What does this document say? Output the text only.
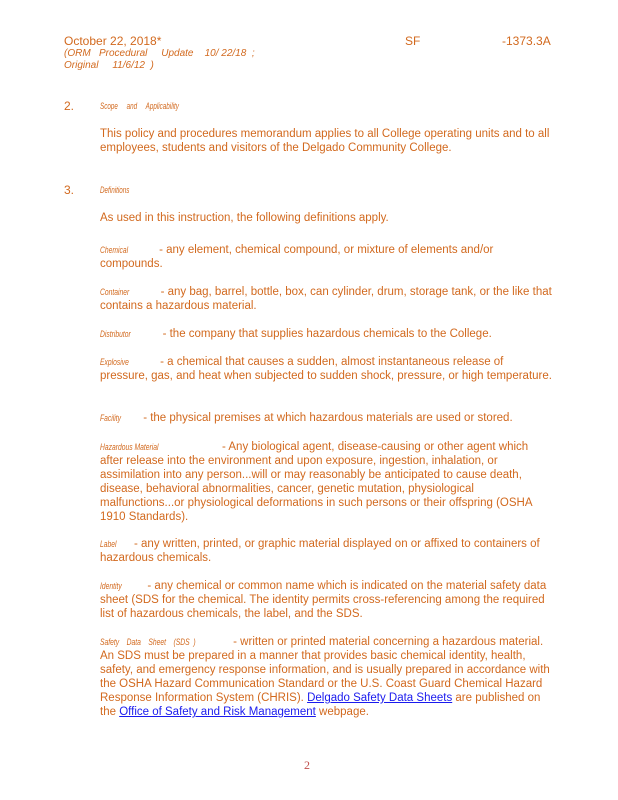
October 22, 2018*	SF	-1373.3A
(ORM   Procedural     Update    10/ 22/18  ;
Original     11/6/12  )
2.	Scope     and     Applicability
This policy and procedures memorandum applies to all College operating units and to all employees, students and visitors of the Delgado Community College.
3.	Definitions
As used in this instruction, the following definitions apply.
Chemical	- any element, chemical compound, or mixture of elements and/or compounds.
Container	- any bag, barrel, bottle, box, can cylinder, drum, storage tank, or the like that contains a hazardous material.
Distributor	- the company that supplies hazardous chemicals to the College.
Explosive	- a chemical that causes a sudden, almost instantaneous release of pressure, gas, and heat when subjected to sudden shock, pressure, or high temperature.
Facility - the physical premises at which hazardous materials are used or stored.
Hazardous Material	- Any biological agent, disease-causing or other agent which after release into the environment and upon exposure, ingestion, inhalation, or assimilation into any person...will or may reasonably be anticipated to cause death, disease, behavioral abnormalities, cancer, genetic mutation, physiological malfunctions...or physiological deformations in such persons or their offspring (OSHA 1910 Standards).
Label - any written, printed, or graphic material displayed on or affixed to containers of hazardous chemicals.
Identity - any chemical or common name which is indicated on the material safety data sheet (SDS for the chemical. The identity permits cross-referencing among the required list of hazardous chemicals, the label, and the SDS.
Safety    Data    Sheet    (SDS  )	- written or printed material concerning a hazardous material. An SDS must be prepared in a manner that provides basic chemical identity, health, safety, and emergency response information, and is usually prepared in accordance with the OSHA Hazard Communication Standard or the U.S. Coast Guard Chemical Hazard Response Information System (CHRIS). Delgado Safety Data Sheets are published on the Office of Safety and Risk Management webpage.
2
